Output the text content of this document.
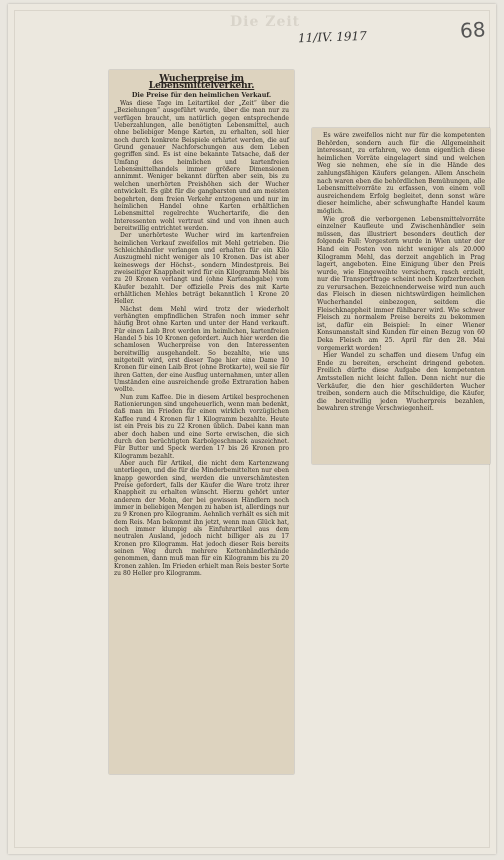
Die Zeit
11/IV. 1917	68
Wucherpreise im Lebensmittelverkehr.
Die Preise für den heimlichen Verkauf.

Was diese Tage im Leitartikel der „Zeit“ über die „Beziehungen“ ausgeführt wurde, über die man nur zu verfügen braucht, um natürlich gegen entsprechende Ueberzahlungen, alle benötigten Lebensmittel, auch ohne beliebiger Menge Karten, zu erhalten, soll hier noch durch konkrete Beispiele erhärtet werden, die auf Grund genauer Nachforschungen aus dem Leben gegriffen sind. Es ist eine bekannte Tatsache, daß der Umfang des heimlichen und kartenfreien Lebensmittelhandels immer größere Dimensionen annimmt. Weniger bekannt dürften aber sein, bis zu welchen unerhörten Preishöhen sich der Wucher entwickelt. Es gibt für die gangbarsten und am meisten begehrten, dem freien Verkehr entzogenen und nur im heimlichen Handel ohne Karten erhältlichen Lebensmittel regelrechte Wuchertarife, die den Interessenten wohl vertraut sind und von ihnen auch bereitwillig entrichtet werden.

Der unerhörteste Wucher wird im kartenfreien heimlichen Verkauf zweifellos mit Mehl getrieben. Die Schleichhändler verlangen und erhalten für ein Kilo Auszugmehl nicht weniger als 10 Kronen. Das ist aber keineswegs der Höchst-, sondern Mindestpreis. Bei zweiseitiger Knappheit wird für ein Kilogramm Mehl bis zu 20 Kronen verlangt und (ohne Kartenabgabe) vom Käufer bezahlt. Der offizielle Preis des mit Karte erhältlichen Mehles beträgt bekanntlich 1 Krone 20 Heller.

Nächst dem Mehl wird trotz der wiederholt verhängten empfindlichen Strafen noch immer sehr häufig Brot ohne Karten und unter der Hand verkauft. Für einen Laib Brot werden im heimlichen, kartenfreien Handel 5 bis 10 Kronen gefordert. Auch hier werden die schamlosen Wucherpreise von den Interessenten bereitwillig ausgehandelt. So bezahlte, wie uns mitgeteilt wird, erst dieser Tage hier eine Dame 10 Kronen für einen Laib Brot (ohne Brotkarte), weil sie für ihren Gatten, der eine Ausflug unternahmen, unter allen Umständen eine ausreichende große Extraration haben wollte.

Nun zum Kaffee. Die in diesem Artikel besprochenen Rationierungen sind ungeheuerlich, wenn man bedenkt, daß man im Frieden für einen wirklich vorzüglichen Kaffee rund 4 Kronen für 1 Kilogramm bezahlte. Heute ist ein Preis bis zu 22 Kronen üblich. Dabei kann man aber doch haben und eine Sorte erwischen, die sich durch den berüchtigten Karbolgeschmack auszeichnet. Für Butter und Speck werden 17 bis 26 Kronen pro Kilogramm bezahlt.

Aber auch für Artikel, die nicht dem Kartenzwang unterliegen, und die für die Minderbemittelten nur eben knapp geworden sind, werden die unverschämtesten Preise gefordert, falls der Käufer die Ware trotz ihrer Knappheit zu erhalten wünscht. Hierzu gehört unter anderem der Mohn, der bei gewissen Händlern noch immer in beliebigen Mengen zu haben ist, allerdings nur zu 9 Kronen pro Kilogramm. Aehnlich verhält es sich mit dem Reis. Man bekommt ihn jetzt, wenn man Glück hat, noch immer klumpig als Einfuhrartikel aus dem neutralen Ausland, jedoch nicht billiger als zu 17 Kronen pro Kilogramm. Hat jedoch dieser Reis bereits seinen Weg durch mehrere Kettenhändlerhände genommen, dann muß man für ein Kilogramm bis zu 20 Kronen zahlen. Im Frieden erhielt man Reis bester Sorte zu 80 Heller pro Kilogramm.

Es wäre zweifellos nicht nur für die kompetenten Behörden, sondern auch für die Allgemeinheit interessant, zu erfahren, wo denn eigentlich diese heimlichen Vorräte eingelagert sind und welchen Weg sie nehmen, ehe sie in die Hände des zahlungsfähigen Käufers gelangen. Allem Anschein nach waren eben die behördlichen Bemühungen, alle Lebensmittelvorräte zu erfassen, von einem voll ausreichendem Erfolg begleitet, denn sonst wäre dieser heimliche, aber schwunghafte Handel kaum möglich.

Wie groß die verborgenen Lebensmittelvorräte einzelner Kaufleute und Zwischenhändler sein müssen, das illustriert besonders deutlich der folgende Fall: Vorgestern wurde in Wien unter der Hand ein Posten von nicht weniger als 20.000 Kilogramm Mehl, das derzeit angeblich in Prag lagert, angeboten. Eine Einigung über den Preis wurde, wie Eingeweihte versichern, rasch erzielt, nur die Transportfrage scheint noch Kopfzerbrechen zu verursachen. Bezeichnenderweise wird nun auch das Fleisch in diesen nichtswürdigen heimlichen Wucherhandel einbezogen, seitdem die Fleischknappheit immer fühlbarer wird. Wie schwer Fleisch zu normalem Preise bereits zu bekommen ist, dafür ein Beispiel: In einer Wiener Konsumanstalt sind Kunden für einen Bezug von 60 Deka Fleisch am 25. April für den 28. Mai vorgemerkt worden!

Hier Wandel zu schaffen und diesem Unfug ein Ende zu bereiten, erscheint dringend geboten. Freilich dürfte diese Aufgabe den kompetenten Amtsstellen nicht leicht fallen. Denn nicht nur die Verkäufer, die den hier geschilderten Wucher treiben, sondern auch die Mitschuldige, die Käufer, die bereitwillig jeden Wucherpreis bezahlen, bewahren strenge Verschwiegenheit.
